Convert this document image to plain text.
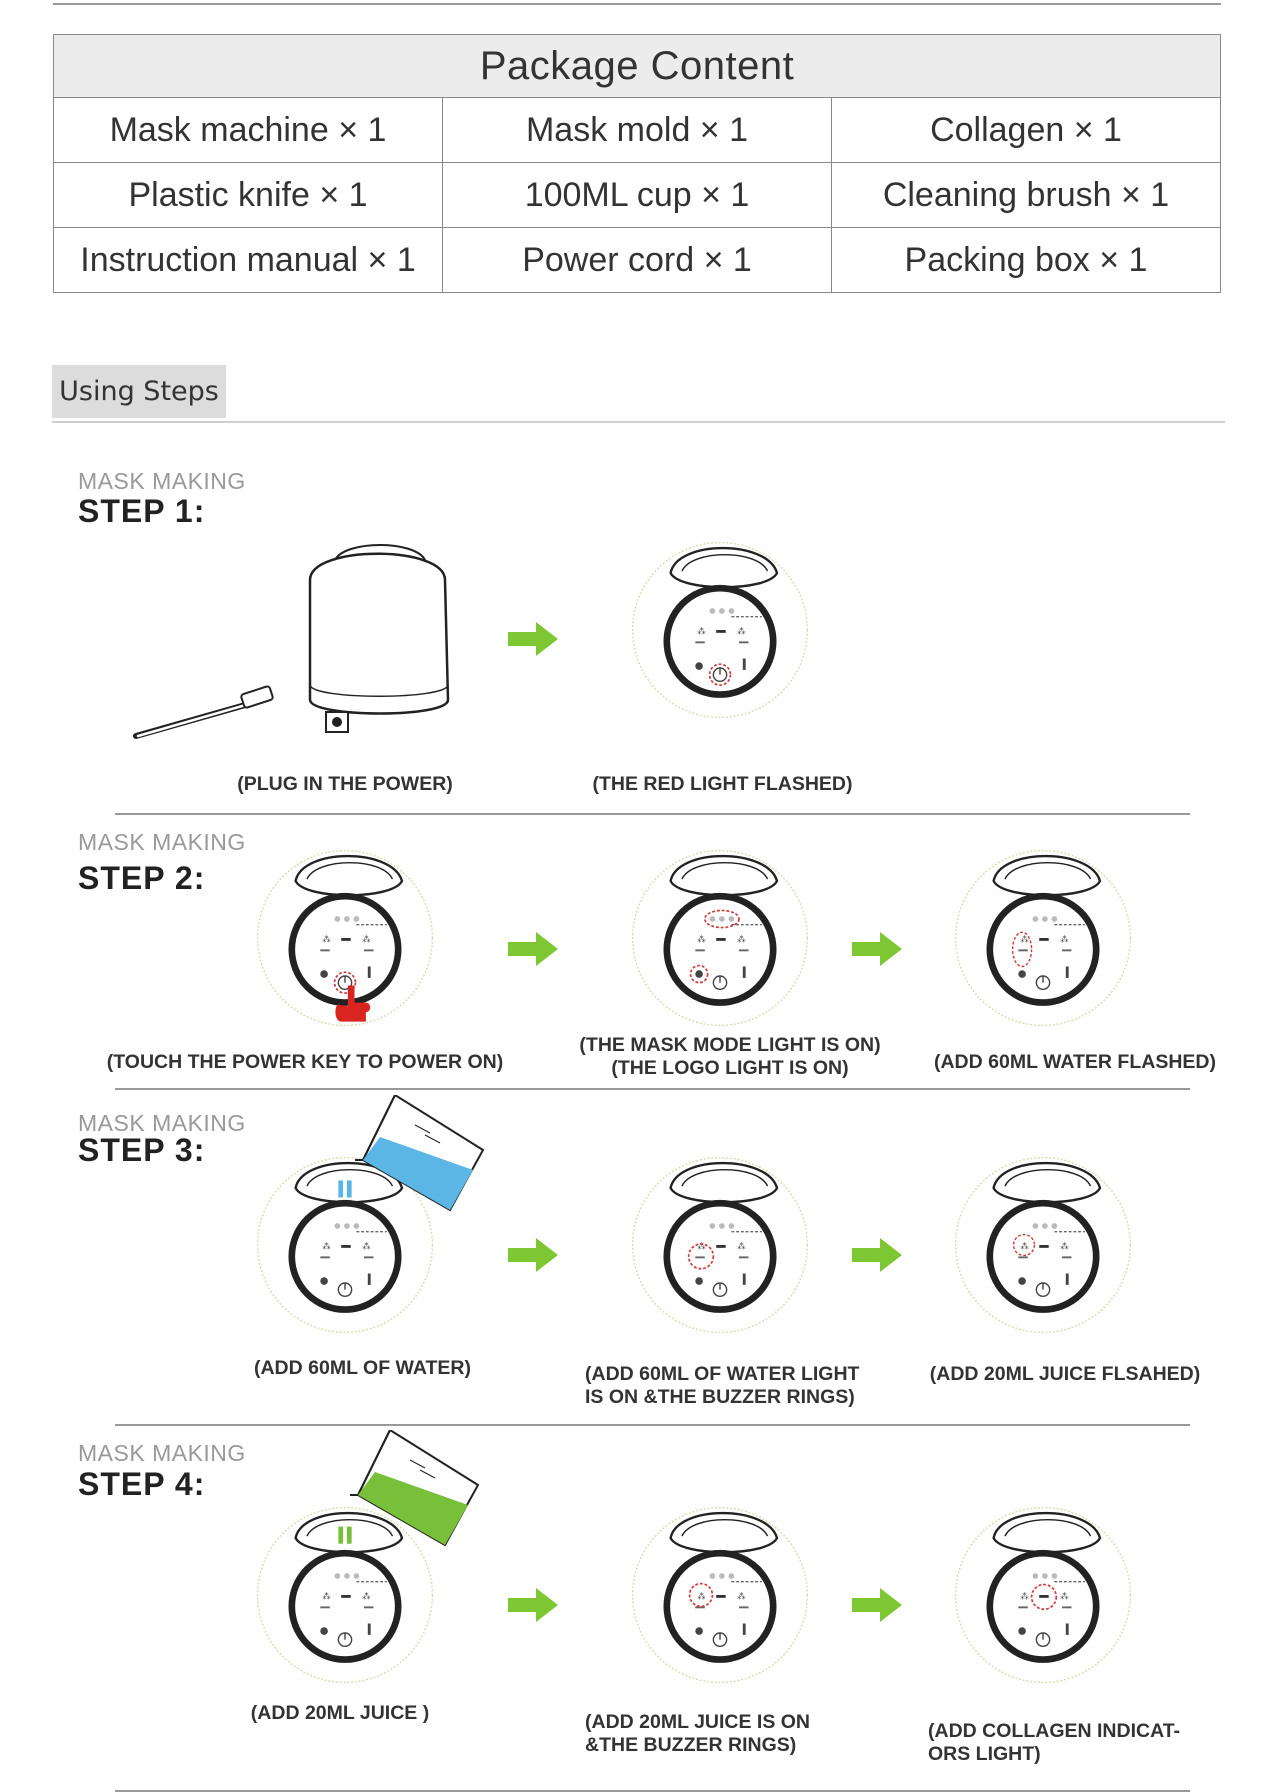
Package Content		
Mask machine × 1	Mask mold × 1	Collagen × 1
Plastic knife × 1	100ML cup × 1	Cleaning brush × 1
Instruction manual × 1	Power cord × 1	Packing box × 1
Using Steps
MASK MAKING
STEP 1:
(PLUG IN THE POWER)	(THE RED LIGHT FLASHED)
MASK MAKING
STEP 2:
(TOUCH THE POWER KEY TO POWER ON)
(THE MASK MODE LIGHT IS ON)
(THE LOGO LIGHT IS ON)	(ADD 60ML WATER FLASHED)
MASK MAKING
STEP 3:
(ADD 60ML OF WATER)	(ADD 60ML OF WATER LIGHT
IS ON &THE BUZZER RINGS)
(ADD 20ML JUICE FLSAHED)
MASK MAKING
STEP 4:
(ADD 20ML JUICE )	(ADD 20ML JUICE IS ON
&THE BUZZER RINGS)
(ADD COLLAGEN INDICAT-
ORS LIGHT)
